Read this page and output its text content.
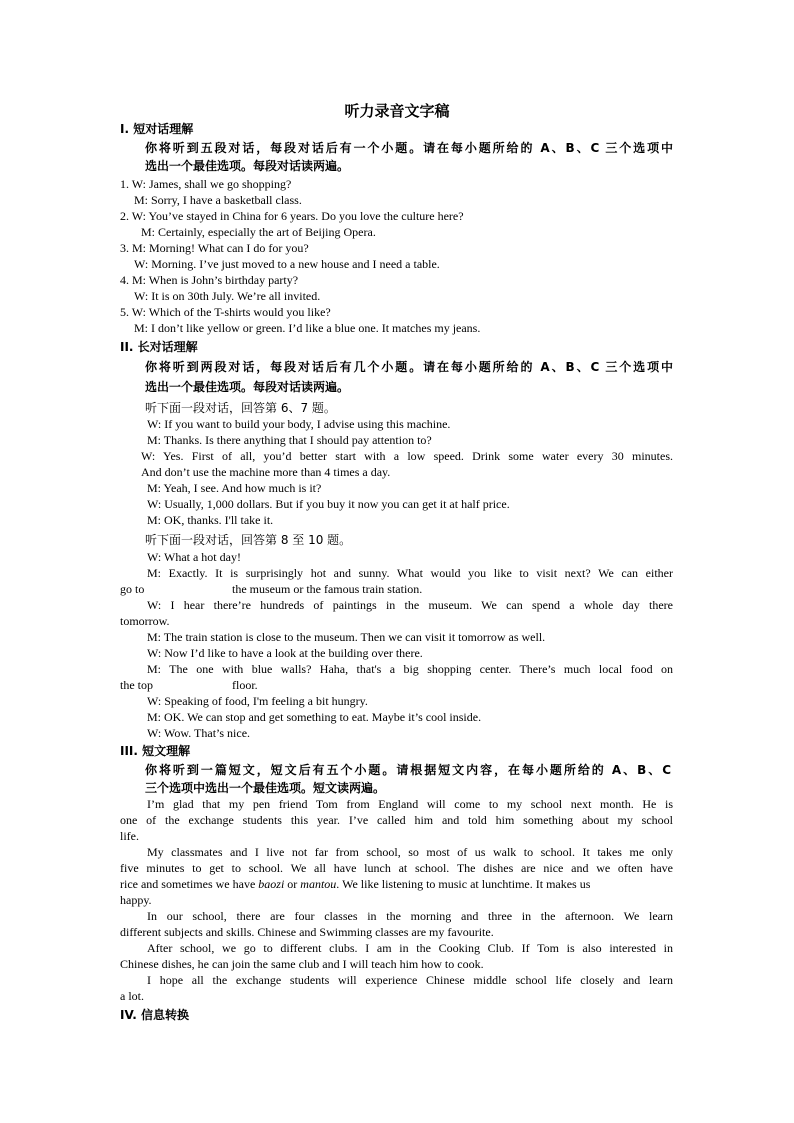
听力录音文字稿
I. 短对话理解
你将听到五段对话，每段对话后有一个小题。请在每小题所给的 A、B、C 三个选项中
选出一个最佳选项。每段对话读两遍。
1. W: James, shall we go shopping?
M: Sorry, I have a basketball class.
2. W: You’ve stayed in China for 6 years. Do you love the culture here?
M: Certainly, especially the art of Beijing Opera.
3. M: Morning! What can I do for you?
W: Morning. I’ve just moved to a new house and I need a table.
4. M: When is John’s birthday party?
W: It is on 30th July. We’re all invited.
5. W: Which of the T-shirts would you like?
M: I don’t like yellow or green. I’d like a blue one. It matches my jeans.
II. 长对话理解
你将听到两段对话，每段对话后有几个小题。请在每小题所给的 A、B、C 三个选项中
选出一个最佳选项。每段对话读两遍。
听下面一段对话，回答第 6、7 题。
W: If you want to build your body, I advise using this machine.
M: Thanks. Is there anything that I should pay attention to?
W: Yes. First of all, you’d better start with a low speed. Drink some water every 30 minutes.
And don’t use the machine more than 4 times a day.
M: Yeah, I see. And how much is it?
W: Usually, 1,000 dollars. But if you buy it now you can get it at half price.
M: OK, thanks. I'll take it.
听下面一段对话，回答第 8 至 10 题。
W: What a hot day!
M: Exactly. It is surprisingly hot and sunny. What would you like to visit next? We can either
go to	the museum or the famous train station.
W: I hear there’re hundreds of paintings in the museum. We can spend a whole day there
tomorrow.
M: The train station is close to the museum. Then we can visit it tomorrow as well.
W: Now I’d like to have a look at the building over there.
M: The one with blue walls? Haha, that's a big shopping center. There’s much local food on
the top	floor.
W: Speaking of food, I'm feeling a bit hungry.
M: OK. We can stop and get something to eat. Maybe it’s cool inside.
W: Wow. That’s nice.
III. 短文理解
你将听到一篇短文，短文后有五个小题。请根据短文内容，在每小题所给的 A、B、C
三个选项中选出一个最佳选项。短文读两遍。
I’m glad that my pen friend Tom from England will come to my school next month. He is
one of the exchange students this year. I’ve called him and told him something about my school
life.
My classmates and I live not far from school, so most of us walk to school. It takes me only
five minutes to get to school. We all have lunch at school. The dishes are nice and we often have
rice and sometimes we have baozi or mantou. We like listening to music at lunchtime. It makes us
happy.
In our school, there are four classes in the morning and three in the afternoon. We learn
different subjects and skills. Chinese and Swimming classes are my favourite.
After school, we go to different clubs. I am in the Cooking Club. If Tom is also interested in
Chinese dishes, he can join the same club and I will teach him how to cook.
I hope all the exchange students will experience Chinese middle school life closely and learn
a lot.
IV. 信息转换
